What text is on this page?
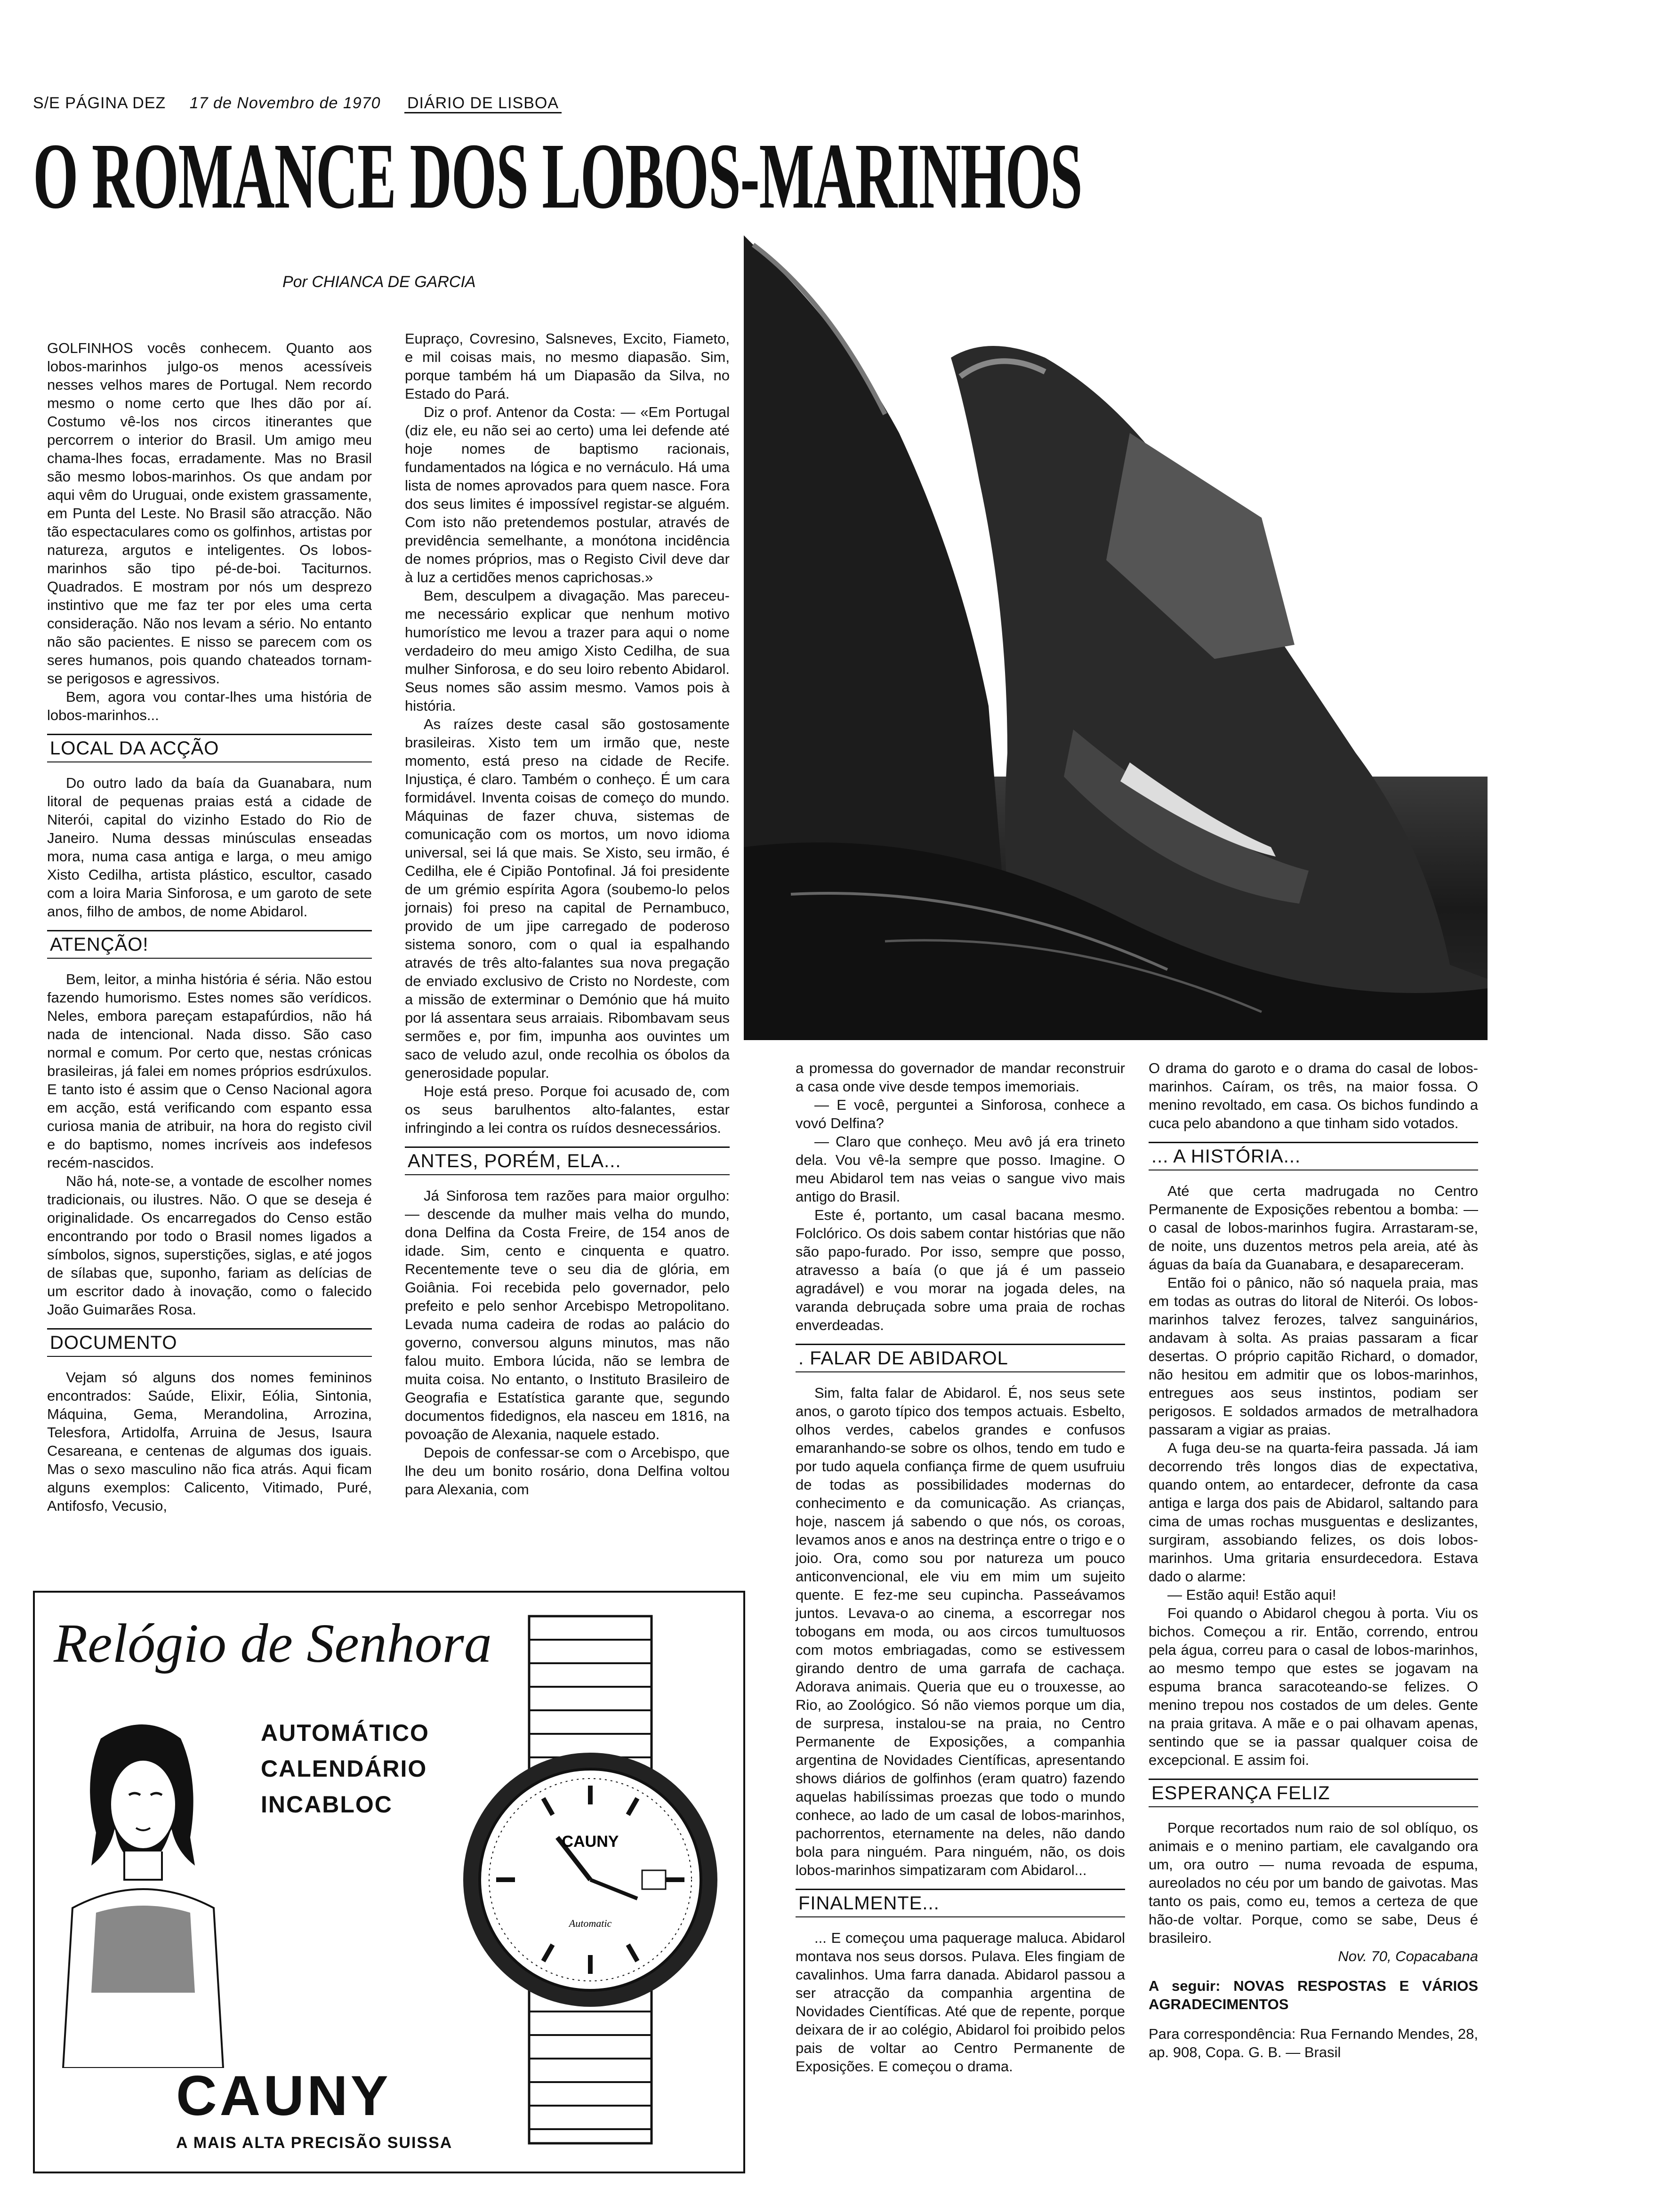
S/E PÁGINA DEZ 17 de Novembro de 1970 DIÁRIO DE LISBOA
O ROMANCE DOS LOBOS-MARINHOS
Por CHIANCA DE GARCIA

GOLFINHOS vocês conhecem. Quanto aos lobos-marinhos julgo-os menos acessíveis nesses velhos mares de Portugal. Nem recordo mesmo o nome certo que lhes dão por aí. Costumo vê-los nos circos itinerantes que percorrem o interior do Brasil. Um amigo meu chama-lhes focas, erradamente. Mas no Brasil são mesmo lobos-marinhos. Os que andam por aqui vêm do Uruguai, onde existem grassamente, em Punta del Leste. No Brasil são atracção. Não tão espectaculares como os golfinhos, artistas por natureza, argutos e inteligentes. Os lobos-marinhos são tipo pé-de-boi. Taciturnos. Quadrados. E mostram por nós um desprezo instintivo que me faz ter por eles uma certa consideração. Não nos levam a sério. No entanto não são pacientes. E nisso se parecem com os seres humanos, pois quando chateados tornam-se perigosos e agressivos.

Bem, agora vou contar-lhes uma história de lobos-marinhos...

LOCAL DA ACÇÃO

Do outro lado da baía da Guanabara, num litoral de pequenas praias está a cidade de Niterói, capital do vizinho Estado do Rio de Janeiro. Numa dessas minúsculas enseadas mora, numa casa antiga e larga, o meu amigo Xisto Cedilha, artista plástico, escultor, casado com a loira Maria Sinforosa, e um garoto de sete anos, filho de ambos, de nome Abidarol.

ATENÇÃO!

Bem, leitor, a minha história é séria. Não estou fazendo humorismo. Estes nomes são verídicos. Neles, embora pareçam estapafúrdios, não há nada de intencional. Nada disso. São caso normal e comum. Por certo que, nestas crónicas brasileiras, já falei em nomes próprios esdrúxulos. E tanto isto é assim que o Censo Nacional agora em acção, está verificando com espanto essa curiosa mania de atribuir, na hora do registo civil e do baptismo, nomes incríveis aos indefesos recém-nascidos.

Não há, note-se, a vontade de escolher nomes tradicionais, ou ilustres. Não. O que se deseja é originalidade. Os encarregados do Censo estão encontrando por todo o Brasil nomes ligados a símbolos, signos, superstições, siglas, e até jogos de sílabas que, suponho, fariam as delícias de um escritor dado à inovação, como o falecido João Guimarães Rosa.

DOCUMENTO

Vejam só alguns dos nomes femininos encontrados: Saúde, Elixir, Eólia, Sintonia, Máquina, Gema, Merandolina, Arrozina, Telesfora, Artidolfa, Arruina de Jesus, Isaura Cesareana, e centenas de algumas dos iguais. Mas o sexo masculino não fica atrás. Aqui ficam alguns exemplos: Calicento, Vitimado, Puré, Antifosfo, Vecusio,

Eupraço, Covresino, Salsneves, Excito, Fiameto, e mil coisas mais, no mesmo diapasão. Sim, porque também há um Diapasão da Silva, no Estado do Pará.

Diz o prof. Antenor da Costa: — «Em Portugal (diz ele, eu não sei ao certo) uma lei defende até hoje nomes de baptismo racionais, fundamentados na lógica e no vernáculo. Há uma lista de nomes aprovados para quem nasce. Fora dos seus limites é impossível registar-se alguém. Com isto não pretendemos postular, através de previdência semelhante, a monótona incidência de nomes próprios, mas o Registo Civil deve dar à luz a certidões menos caprichosas.»

Bem, desculpem a divagação. Mas pareceu-me necessário explicar que nenhum motivo humorístico me levou a trazer para aqui o nome verdadeiro do meu amigo Xisto Cedilha, de sua mulher Sinforosa, e do seu loiro rebento Abidarol. Seus nomes são assim mesmo. Vamos pois à história.

As raízes deste casal são gostosamente brasileiras. Xisto tem um irmão que, neste momento, está preso na cidade de Recife. Injustiça, é claro. Também o conheço. É um cara formidável. Inventa coisas de começo do mundo. Máquinas de fazer chuva, sistemas de comunicação com os mortos, um novo idioma universal, sei lá que mais. Se Xisto, seu irmão, é Cedilha, ele é Cipião Pontofinal. Já foi presidente de um grémio espírita Agora (soubemo-lo pelos jornais) foi preso na capital de Pernambuco, provido de um jipe carregado de poderoso sistema sonoro, com o qual ia espalhando através de três alto-falantes sua nova pregação de enviado exclusivo de Cristo no Nordeste, com a missão de exterminar o Demónio que há muito por lá assentara seus arraiais. Ribombavam seus sermões e, por fim, impunha aos ouvintes um saco de veludo azul, onde recolhia os óbolos da generosidade popular.

Hoje está preso. Porque foi acusado de, com os seus barulhentos alto-falantes, estar infringindo a lei contra os ruídos desnecessários.

ANTES, PORÉM, ELA...

Já Sinforosa tem razões para maior orgulho: — descende da mulher mais velha do mundo, dona Delfina da Costa Freire, de 154 anos de idade. Sim, cento e cinquenta e quatro. Recentemente teve o seu dia de glória, em Goiânia. Foi recebida pelo governador, pelo prefeito e pelo senhor Arcebispo Metropolitano. Levada numa cadeira de rodas ao palácio do governo, conversou alguns minutos, mas não falou muito. Embora lúcida, não se lembra de muita coisa. No entanto, o Instituto Brasileiro de Geografia e Estatística garante que, segundo documentos fidedignos, ela nasceu em 1816, na povoação de Alexania, naquele estado.

Depois de confessar-se com o Arcebispo, que lhe deu um bonito rosário, dona Delfina voltou para Alexania, com

a promessa do governador de mandar reconstruir a casa onde vive desde tempos imemoriais.

— E você, perguntei a Sinforosa, conhece a vovó Delfina?

— Claro que conheço. Meu avô já era trineto dela. Vou vê-la sempre que posso. Imagine. O meu Abidarol tem nas veias o sangue vivo mais antigo do Brasil.

Este é, portanto, um casal bacana mesmo. Folclórico. Os dois sabem contar histórias que não são papo-furado. Por isso, sempre que posso, atravesso a baía (o que já é um passeio agradável) e vou morar na jogada deles, na varanda debruçada sobre uma praia de rochas enverdeadas.

. FALAR DE ABIDAROL

Sim, falta falar de Abidarol. É, nos seus sete anos, o garoto típico dos tempos actuais. Esbelto, olhos verdes, cabelos grandes e confusos emaranhando-se sobre os olhos, tendo em tudo e por tudo aquela confiança firme de quem usufruiu de todas as possibilidades modernas do conhecimento e da comunicação. As crianças, hoje, nascem já sabendo o que nós, os coroas, levamos anos e anos na destrinça entre o trigo e o joio. Ora, como sou por natureza um pouco anticonvencional, ele viu em mim um sujeito quente. E fez-me seu cupincha. Passeávamos juntos. Levava-o ao cinema, a escorregar nos tobogans em moda, ou aos circos tumultuosos com motos embriagadas, como se estivessem girando dentro de uma garrafa de cachaça. Adorava animais. Queria que eu o trouxesse, ao Rio, ao Zoológico. Só não viemos porque um dia, de surpresa, instalou-se na praia, no Centro Permanente de Exposições, a companhia argentina de Novidades Científicas, apresentando shows diários de golfinhos (eram quatro) fazendo aquelas habilíssimas proezas que todo o mundo conhece, ao lado de um casal de lobos-marinhos, pachorrentos, eternamente na deles, não dando bola para ninguém. Para ninguém, não, os dois lobos-marinhos simpatizaram com Abidarol...

FINALMENTE...

... E começou uma paquerage maluca. Abidarol montava nos seus dorsos. Pulava. Eles fingiam de cavalinhos. Uma farra danada. Abidarol passou a ser atracção da companhia argentina de Novidades Científicas. Até que de repente, porque deixara de ir ao colégio, Abidarol foi proibido pelos pais de voltar ao Centro Permanente de Exposições. E começou o drama.

O drama do garoto e o drama do casal de lobos-marinhos. Caíram, os três, na maior fossa. O menino revoltado, em casa. Os bichos fundindo a cuca pelo abandono a que tinham sido votados.

... A HISTÓRIA...

Até que certa madrugada no Centro Permanente de Exposições rebentou a bomba: — o casal de lobos-marinhos fugira. Arrastaram-se, de noite, uns duzentos metros pela areia, até às águas da baía da Guanabara, e desapareceram.

Então foi o pânico, não só naquela praia, mas em todas as outras do litoral de Niterói. Os lobos-marinhos talvez ferozes, talvez sanguinários, andavam à solta. As praias passaram a ficar desertas. O próprio capitão Richard, o domador, não hesitou em admitir que os lobos-marinhos, entregues aos seus instintos, podiam ser perigosos. E soldados armados de metralhadora passaram a vigiar as praias.

A fuga deu-se na quarta-feira passada. Já iam decorrendo três longos dias de expectativa, quando ontem, ao entardecer, defronte da casa antiga e larga dos pais de Abidarol, saltando para cima de umas rochas musguentas e deslizantes, surgiram, assobiando felizes, os dois lobos-marinhos. Uma gritaria ensurdecedora. Estava dado o alarme:

— Estão aqui! Estão aqui!

Foi quando o Abidarol chegou à porta. Viu os bichos. Começou a rir. Então, correndo, entrou pela água, correu para o casal de lobos-marinhos, ao mesmo tempo que estes se jogavam na espuma branca saracoteando-se felizes. O menino trepou nos costados de um deles. Gente na praia gritava. A mãe e o pai olhavam apenas, sentindo que se ia passar qualquer coisa de excepcional. E assim foi.

ESPERANÇA FELIZ

Porque recortados num raio de sol oblíquo, os animais e o menino partiam, ele cavalgando ora um, ora outro — numa revoada de espuma, aureolados no céu por um bando de gaivotas. Mas tanto os pais, como eu, temos a certeza de que hão-de voltar. Porque, como se sabe, Deus é brasileiro.

Nov. 70, Copacabana

A seguir: NOVAS RESPOSTAS E VÁRIOS AGRADECIMENTOS

Para correspondência: Rua Fernando Mendes, 28, ap. 908, Copa. G. B. — Brasil

Relógio de Senhora
AUTOMÁTICO
CALENDÁRIO
INCABLOC
CAUNY
Automatic
CAUNY
A MAIS ALTA PRECISÃO SUISSA
